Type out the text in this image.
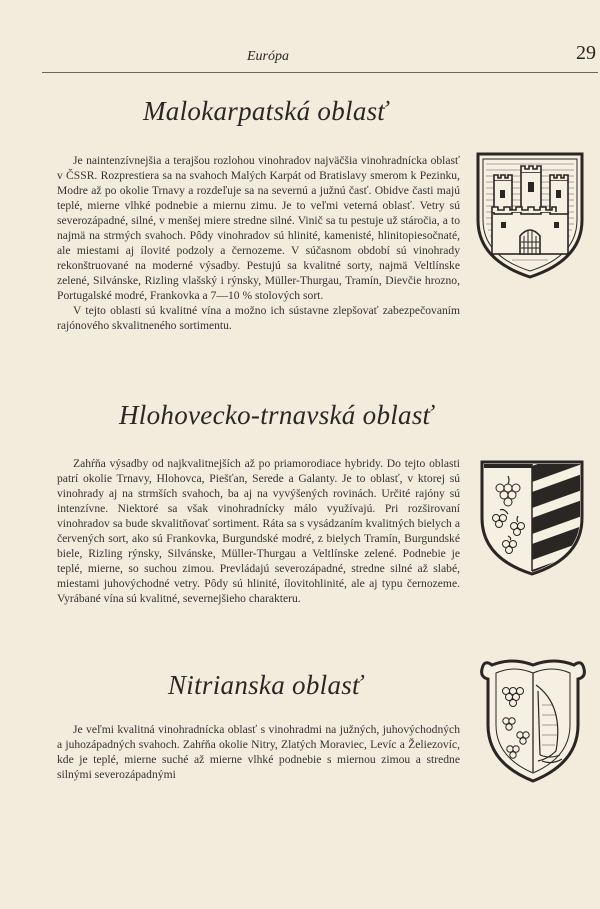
Európa	29
Malokarpatská oblasť

Je naintenzívnejšia a terajšou rozlohou vinohradov najväčšia vinohradnícka oblasť v ČSSR. Rozprestiera sa na svahoch Malých Karpát od Bratislavy smerom k Pezinku, Modre až po okolie Trnavy a rozdeľuje sa na severnú a južnú časť. Obidve časti majú teplé, mierne vlhké podnebie a miernu zimu. Je to veľmi veterná oblasť. Vetry sú severozápadné, silné, v menšej miere stredne silné. Vinič sa tu pestuje už stáročia, a to najmä na strmých svahoch. Pôdy vinohradov sú hlinité, kamenisté, hlinitopiesočnaté, ale miestami aj ílovité podzoly a černozeme. V súčasnom období sú vinohrady rekonštruované na moderné výsadby. Pestujú sa kvalitné sorty, najmä Veltlínske zelené, Silvánske, Rizling vlašský i rýnsky, Müller-Thurgau, Tramín, Dievčie hrozno, Portugalské modré, Frankovka a 7—10 % stolových sort.

V tejto oblasti sú kvalitné vína a možno ich sústavne zlepšovať zabezpečovaním rajónového skvalitneného sortimentu.

Hlohovecko-trnavská oblasť

Zahŕňa výsadby od najkvalitnejších až po priamorodiace hybridy. Do tejto oblasti patrí okolie Trnavy, Hlohovca, Piešťan, Serede a Galanty. Je to oblasť, v ktorej sú vinohrady aj na strmších svahoch, ba aj na vyvýšených rovinách. Určité rajóny sú intenzívne. Niektoré sa však vinohradnícky málo využívajú. Pri rozširovaní vinohradov sa bude skvalitňovať sortiment. Ráta sa s vysádzaním kvalitných bielych a červených sort, ako sú Frankovka, Burgundské modré, z bielych Tramín, Burgundské biele, Rizling rýnsky, Silvánske, Müller-Thurgau a Veltlínske zelené. Podnebie je teplé, mierne, so suchou zimou. Prevládajú severozápadné, stredne silné až slabé, miestami juhovýchodné vetry. Pôdy sú hlinité, ílovitohlinité, ale aj typu černozeme. Vyrábané vína sú kvalitné, severnejšieho charakteru.

Nitrianska oblasť

Je veľmi kvalitná vinohradnícka oblasť s vinohradmi na južných, juhovýchodných a juhozápadných svahoch. Zahŕňa okolie Nitry, Zlatých Moraviec, Levíc a Želiezovíc, kde je teplé, mierne suché až mierne vlhké podnebie s miernou zimou a stredne silnými severozápadnými
